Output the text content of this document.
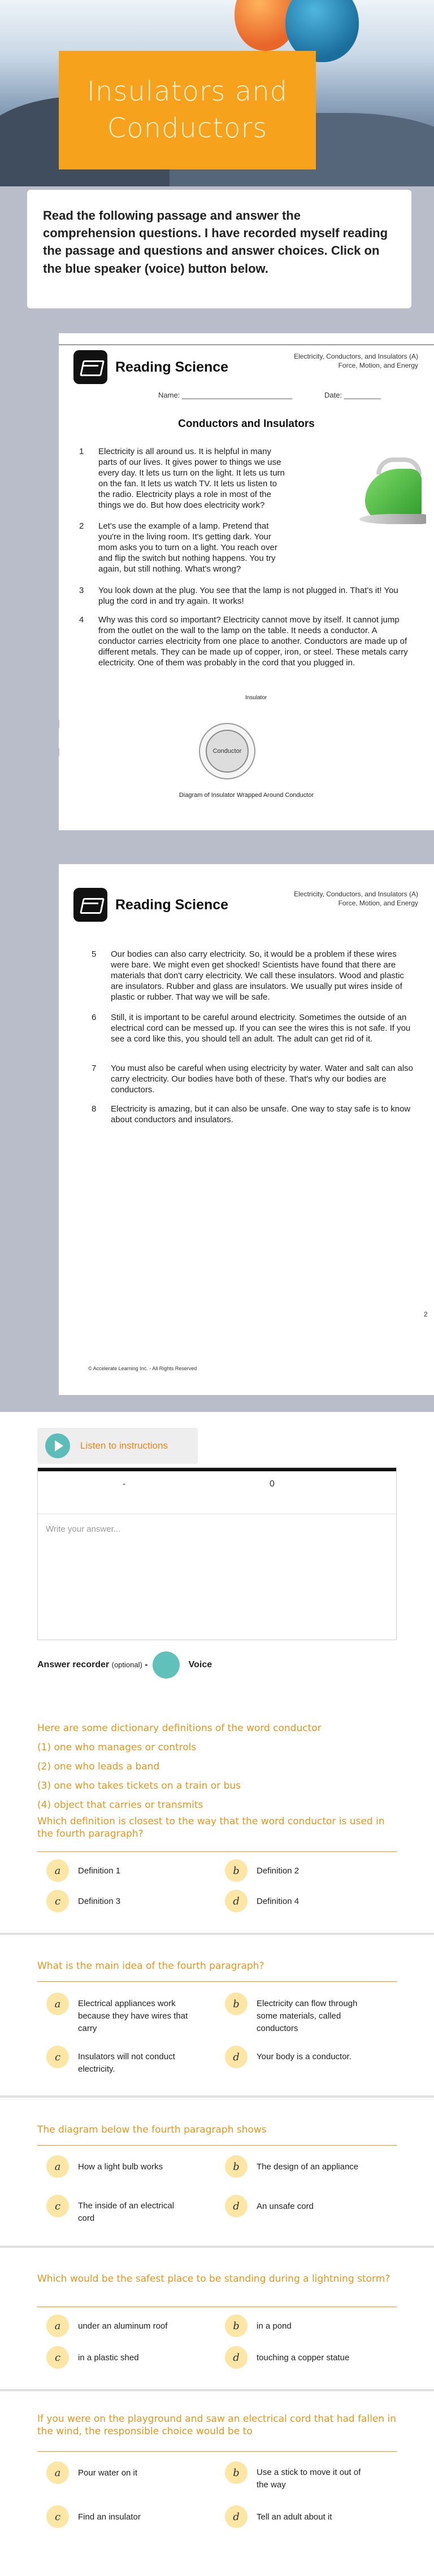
Insulators and Conductors

Read the following passage and answer the comprehension questions. I have recorded myself reading the passage and questions and answer choices. Click on the blue speaker (voice) button below.

Reading Science
Electricity, Conductors, and Insulators (A)
Force, Motion, and Energy
Name: ___________________________	Date: _________
Conductors and Insulators
1 Electricity is all around us. It is helpful in many parts of our lives. It gives power to things we use every day. It lets us turn on the light. It lets us turn on the fan. It lets us watch TV. It lets us listen to the radio. Electricity plays a role in most of the things we do. But how does electricity work?
2 Let's use the example of a lamp. Pretend that you're in the living room. It's getting dark. Your mom asks you to turn on a light. You reach over and flip the switch but nothing happens. You try again, but still nothing. What's wrong?
3 You look down at the plug. You see that the lamp is not plugged in. That's it! You plug the cord in and try again. It works!
4 Why was this cord so important? Electricity cannot move by itself. It cannot jump from the outlet on the wall to the lamp on the table. It needs a conductor. A conductor carries electricity from one place to another. Conductors are made up of different metals. They can be made up of copper, iron, or steel. These metals carry electricity. One of them was probably in the cord that you plugged in.
Insulator
Conductor
Diagram of Insulator Wrapped Around Conductor
Reading Science
Electricity, Conductors, and Insulators (A)
Force, Motion, and Energy
5 Our bodies can also carry electricity. So, it would be a problem if these wires were bare. We might even get shocked! Scientists have found that there are materials that don't carry electricity. We call these insulators. Wood and plastic are insulators. Rubber and glass are insulators. We usually put wires inside of plastic or rubber. That way we will be safe.
6 Still, it is important to be careful around electricity. Sometimes the outside of an electrical cord can be messed up. If you can see the wires this is not safe. If you see a cord like this, you should tell an adult. The adult can get rid of it.
7 You must also be careful when using electricity by water. Water and salt can also carry electricity. Our bodies have both of these. That's why our bodies are conductors.
8 Electricity is amazing, but it can also be unsafe. One way to stay safe is to know about conductors and insulators.
© Accelerate Learning Inc. - All Rights Reserved
2
Listen to instructions
-	0
Write your answer...
Answer recorder (optional) -	Voice

Here are some dictionary definitions of the word conductor

(1) one who manages or controls

(2) one who leads a band

(3) one who takes tickets on a train or bus

(4) object that carries or transmits

Which definition is closest to the way that the word conductor is used in the fourth paragraph?
a	Definition 1	b	Definition 2
c	Definition 3	d	Definition 4
What is the main idea of the fourth paragraph?
a	Electrical appliances work because they have wires that carry
b	Electricity can flow through some materials, called conductors
c	Insulators will not conduct electricity.
d	Your body is a conductor.
The diagram below the fourth paragraph shows
a	How a light bulb works	b	The design of an appliance
c	The inside of an electrical cord
d	An unsafe cord
Which would be the safest place to be standing during a lightning storm?
a	under an aluminum roof	b	in a pond
c	in a plastic shed	d	touching a copper statue
If you were on the playground and saw an electrical cord that had fallen in the wind, the responsible choice would be to
a	Pour water on it	b	Use a stick to move it out of the way
c	Find an insulator	d	Tell an adult about it
